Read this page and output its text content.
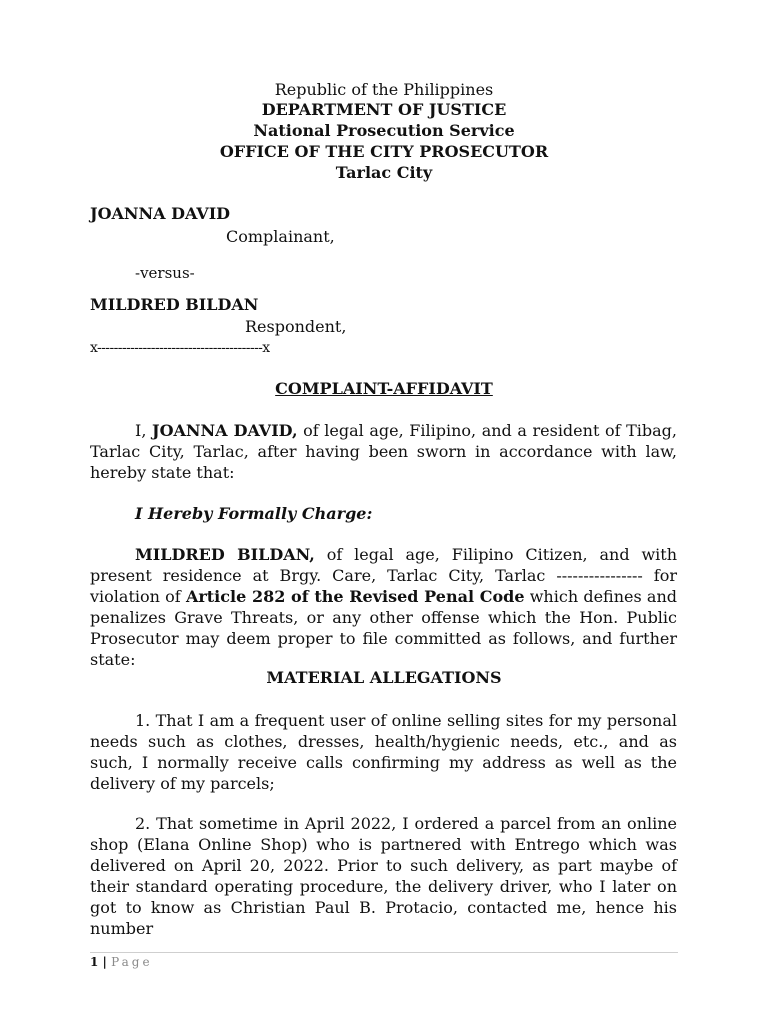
Republic of the Philippines
DEPARTMENT OF JUSTICE
National Prosecution Service
OFFICE OF THE CITY PROSECUTOR
Tarlac City
JOANNA DAVID
Complainant,
-versus-
MILDRED BILDAN
Respondent,
x----------------------------------------x
COMPLAINT-AFFIDAVIT
I, JOANNA DAVID, of legal age, Filipino, and a resident of Tibag, Tarlac City, Tarlac, after having been sworn in accordance with law, hereby state that:
I Hereby Formally Charge:
MILDRED BILDAN, of legal age, Filipino Citizen, and with present residence at Brgy. Care, Tarlac City, Tarlac ---------------- for violation of Article 282 of the Revised Penal Code which defines and penalizes Grave Threats, or any other offense which the Hon. Public Prosecutor may deem proper to file committed as follows, and further state:
MATERIAL ALLEGATIONS
1. That I am a frequent user of online selling sites for my personal needs such as clothes, dresses, health/hygienic needs, etc., and as such, I normally receive calls confirming my address as well as the delivery of my parcels;
2. That sometime in April 2022, I ordered a parcel from an online shop (Elana Online Shop) who is partnered with Entrego which was delivered on April 20, 2022. Prior to such delivery, as part maybe of their standard operating procedure, the delivery driver, who I later on got to know as Christian Paul B. Protacio, contacted me, hence his number
1 | Page
